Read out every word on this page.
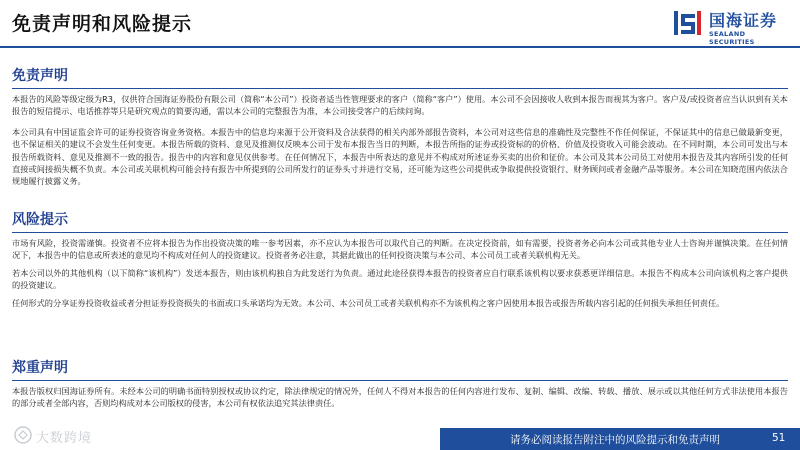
免责声明和风险提示	国海证券
SEALAND SECURITIES
免责声明

本报告的风险等级定级为R3，仅供符合国海证券股份有限公司（简称“本公司”）投资者适当性管理要求的客户（简称“客户”）使用。本公司不会因接收人收到本报告而视其为客户。客户及/或投资者应当认识到有关本报告的短信提示、电话推荐等只是研究观点的简要沟通，需以本公司的完整报告为准，本公司接受客户的后续问询。

本公司具有中国证监会许可的证券投资咨询业务资格。本报告中的信息均来源于公开资料及合法获得的相关内部外部报告资料，本公司对这些信息的准确性及完整性不作任何保证，不保证其中的信息已做最新变更，也不保证相关的建议不会发生任何变更。本报告所载的资料、意见及推测仅反映本公司于发布本报告当日的判断，本报告所指的证券或投资标的的价格、价值及投资收入可能会波动。在不同时期，本公司可发出与本报告所载资料、意见及推测不一致的报告。报告中的内容和意见仅供参考。在任何情况下，本报告中所表达的意见并不构成对所述证券买卖的出价和征价。本公司及其本公司员工对使用本报告及其内容所引发的任何直接或间接损失概不负责。本公司或关联机构可能会持有报告中所提到的公司所发行的证券头寸并进行交易，还可能为这些公司提供或争取提供投资银行、财务顾问或者金融产品等服务。本公司在知晓范围内依法合规地履行披露义务。

风险提示

市场有风险，投资需谨慎。投资者不应将本报告为作出投资决策的唯一参考因素，亦不应认为本报告可以取代自己的判断。在决定投资前，如有需要，投资者务必向本公司或其他专业人士咨询并谨慎决策。在任何情况下，本报告中的信息或所表述的意见均不构成对任何人的投资建议。投资者务必注意，其据此做出的任何投资决策与本公司、本公司员工或者关联机构无关。

若本公司以外的其他机构（以下简称“该机构”）发送本报告，则由该机构独自为此发送行为负责。通过此途径获得本报告的投资者应自行联系该机构以要求获悉更详细信息。本报告不构成本公司向该机构之客户提供的投资建议。

任何形式的分享证券投资收益或者分担证券投资损失的书面或口头承诺均为无效。本公司、本公司员工或者关联机构亦不为该机构之客户因使用本报告或报告所载内容引起的任何损失承担任何责任。

郑重声明

本报告版权归国海证券所有。未经本公司的明确书面特别授权或协议约定，除法律规定的情况外，任何人不得对本报告的任何内容进行发布、复制、编辑、改编、转载、播放、展示或以其他任何方式非法使用本报告的部分或者全部内容，否则均构成对本公司版权的侵害，本公司有权依法追究其法律责任。

大数跨境	请务必阅读报告附注中的风险提示和免责声明	51
